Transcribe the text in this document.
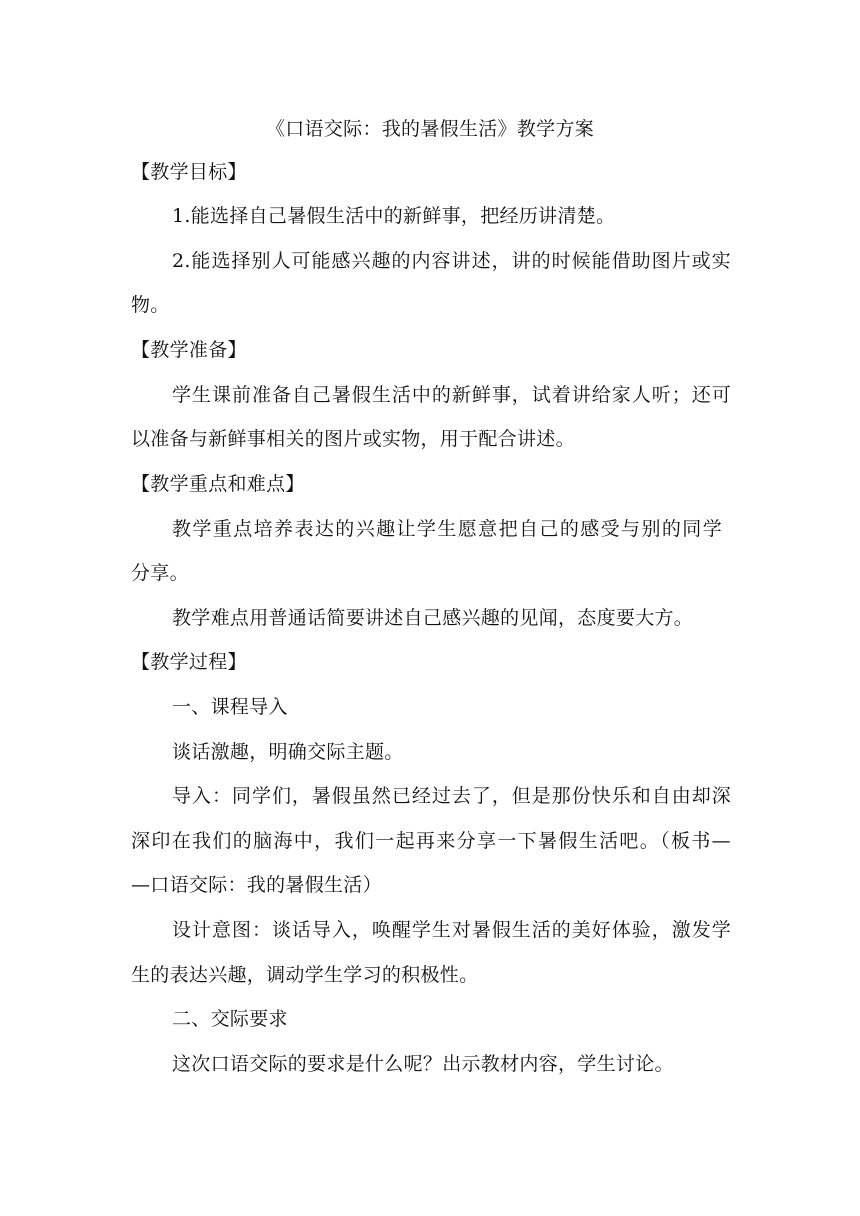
《口语交际：我的暑假生活》教学方案
【教学目标】
1.能选择自己暑假生活中的新鲜事，把经历讲清楚。
2.能选择别人可能感兴趣的内容讲述，讲的时候能借助图片或实
物。
【教学准备】
学生课前准备自己暑假生活中的新鲜事，试着讲给家人听；还可
以准备与新鲜事相关的图片或实物，用于配合讲述。
【教学重点和难点】
教学重点培养表达的兴趣让学生愿意把自己的感受与别的同学
分享。
教学难点用普通话简要讲述自己感兴趣的见闻，态度要大方。
【教学过程】
一、课程导入
谈话激趣，明确交际主题。
导入：同学们，暑假虽然已经过去了，但是那份快乐和自由却深
深印在我们的脑海中，我们一起再来分享一下暑假生活吧。（板书—
—口语交际：我的暑假生活）
设计意图：谈话导入，唤醒学生对暑假生活的美好体验，激发学
生的表达兴趣，调动学生学习的积极性。
二、交际要求
这次口语交际的要求是什么呢？出示教材内容，学生讨论。
